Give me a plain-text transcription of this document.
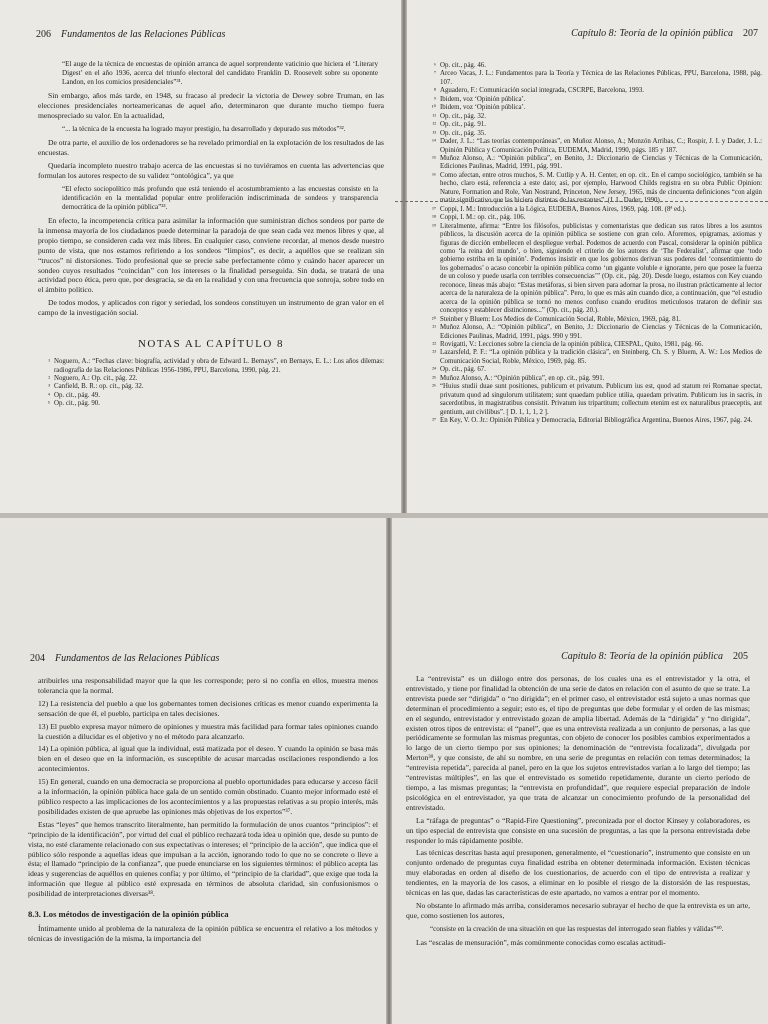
206 Fundamentos de las Relaciones Públicas

“El auge de la técnica de encuestas de opinión arranca de aquel sorprendente vaticinio que hiciera el ‘Literary Digest’ en el año 1936, acerca del triunfo electoral del candidato Franklin D. Roosevelt sobre su oponente Landon, en los comicios presidenciales”³¹.

Sin embargo, años más tarde, en 1948, su fracaso al predecir la victoria de Dewey sobre Truman, en las elecciones presidenciales norteamericanas de aquel año, determinaron que durante mucho tiempo fuera menospreciado su valor. En la actualidad,

“... la técnica de la encuesta ha logrado mayor prestigio, ha desarrollado y depurado sus métodos”³².

De otra parte, el auxilio de los ordenadores se ha revelado primordial en la explotación de los resultados de las encuestas.

Quedaría incompleto nuestro trabajo acerca de las encuestas si no tuviéramos en cuenta las advertencias que formulan los autores respecto de su validez “ontológica”, ya que

“El efecto sociopolítico más profundo que está teniendo el acostumbramiento a las encuestas consiste en la identificación en la mentalidad popular entre proliferación indiscriminada de sondeos y transparencia democrática de la opinión pública”³³.

En efecto, la incompetencia crítica para asimilar la información que suministran dichos sondeos por parte de la inmensa mayoría de los ciudadanos puede determinar la paradoja de que sean cada vez menos libres y que, al propio tiempo, se consideren cada vez más libres. En cualquier caso, conviene recordar, al menos desde nuestro punto de vista, que nos estamos refiriendo a los sondeos “limpios”, es decir, a aquéllos que se realizan sin “trucos” ni distorsiones. Todo profesional que se precie sabe perfectamente cómo y cuándo hacer aparecer un sondeo cuyos resultados “coincidan” con los intereses o la finalidad perseguida. Sin duda, se tratará de una actividad poco ética, pero que, por desgracia, se da en la realidad y con una frecuencia que sonroja, sobre todo en el ámbito político.

De todos modos, y aplicados con rigor y seriedad, los sondeos constituyen un instrumento de gran valor en el campo de la investigación social.

NOTAS AL CAPÍTULO 8
¹ Noguero, A.: “Fechas clave: biografía, actividad y obra de Edward L. Bernays”, en Bernays, E. L.: Los años dilemas: radiografía de las Relaciones Públicas 1956-1986, PPU, Barcelona, 1990, pág. 21.
² Noguero, A.: Op. cit., pág. 22.
³ Canfield, B. R.: op. cit., pág. 32.
⁴ Op. cit., pág. 49.
⁵ Op. cit., pág. 90.
Capítulo 8: Teoría de la opinión pública 207
⁶ Op. cit., pág. 46.
⁷ Arceo Vacas, J. L.: Fundamentos para la Teoría y Técnica de las Relaciones Públicas, PPU, Barcelona, 1988, pág. 107.
⁸ Aguadero, F.: Comunicación social integrada, CSCRPE, Barcelona, 1993.
⁹ Ibidem, voz ‘Opinión pública’.
¹⁰ Ibidem, voz ‘Opinión pública’.
¹¹ Op. cit., pág. 32.
¹² Op. cit., pág. 91.
¹³ Op. cit., pág. 35.
¹⁴ Dader, J. L.: “Las teorías contemporáneas”, en Muñoz Alonso, A.; Monzón Arribas, C.; Rospir, J. I. y Dader, J. L.: Opinión Pública y Comunicación Política, EUDEMA, Madrid, 1990, págs. 185 y 187.
¹⁵ Muñoz Alonso, A.: “Opinión pública”, en Benito, J.: Diccionario de Ciencias y Técnicas de la Comunicación, Ediciones Paulinas, Madrid, 1991, pág. 991.
¹⁶ Como afectan, entre otros muchos, S. M. Cutlip y A. H. Center, en op. cit.. En el campo sociológico, también se ha hecho, claro está, referencia a este dato; así, por ejemplo, Harwood Childs registra en su obra Public Opinion: Nature, Formation and Role, Van Nostrand, Princeton, New Jersey, 1965, más de cincuenta definiciones “con algún matiz significativo que las hiciera distintas de las restantes”. (J. L. Dader, 1990).
¹⁷ Coppi, I. M.: Introducción a la Lógica, EUDEBA, Buenos Aires, 1969, pág. 108. (8ª ed.).
¹⁸ Coppi, I. M.: op. cit., pág. 106.
¹⁹ Literalmente, afirma: “Entre los filósofos, publicistas y comentaristas que dedican sus ratos libres a los asuntos públicos, la discusión acerca de la opinión pública se sostiene con gran celo. Aforemos, epigramas, axiomas y figuras de dicción embellecen el despliegue verbal. Podemos de acuerdo con Pascal, considerar la opinión pública como ‘la reina del mundo’, o bien, siguiendo el criterio de los autores de ‘The Federalist’, afirmar que ‘todo gobierno estriba en la opinión’. Podemos insistir en que los gobiernos derivan sus poderes del ‘consentimiento de los gobernados’ o acaso concebir la opinión pública como ‘un gigante voluble e ignorante, pero que posee la fuerza de un coloso y puede usarla con terribles consecuencias’” (Op. cit., pág. 20). Desde luego, estamos con Key cuando reconoce, líneas más abajo: “Estas metáforas, si bien sirven para adornar la prosa, no ilustran prácticamente al lector acerca de la naturaleza de la opinión pública”. Pero, lo que es más aún cuando dice, a continuación, que “el estudio acerca de la opinión pública se tornó no menos confuso cuando eruditos meticulosos trataron de definir sus conceptos y establecer distinciones...” (Op. cit., pág. 20.).
²⁰ Steinber y Bluem: Los Medios de Comunicación Social, Roble, México, 1969, pág. 81.
²¹ Muñoz Alonso, A.: “Opinión pública”, en Benito, J.: Diccionario de Ciencias y Técnicas de la Comunicación, Ediciones Paulinas, Madrid, 1991, págs. 990 y 991.
²² Rovigatti, V.: Lecciones sobre la ciencia de la opinión pública, CIESPAL, Quito, 1981, pág. 66.
²³ Lazarsfeld, P. F.: “La opinión pública y la tradición clásica”, en Steinberg, Ch. S. y Bluem, A. W.: Los Medios de Comunicación Social, Roble, México, 1969, pág. 85.
²⁴ Op. cit., pág. 67.
²⁵ Muñoz Alonso, A.: “Opinión pública”, en op. cit., pág. 991.
²⁶ “Huius studii duae sunt positiones, publicum et privatum. Publicum ius est, quod ad statum rei Romanae spectat, privatum quod ad singulorum utilitatem; sunt quaedam publice utilia, quaedam privatim. Publicum ius in sacris, in sacerdotibus, in magistratibus consistit. Privatum ius tripartitum; collectum etenim est ex naturalibus praeceptis, aut gentium, aut civilibus”. [ D. 1, 1, 1, 2 ].
²⁷ En Key, V. O. Jr.: Opinión Pública y Democracia, Editorial Bibliográfica Argentina, Buenos Aires, 1967, pág. 24.
204 Fundamentos de las Relaciones Públicas

atribuirles una responsabilidad mayor que la que les corresponde; pero si no confía en ellos, muestra menos tolerancia que la normal.

12) La resistencia del pueblo a que los gobernantes tomen decisiones críticas es menor cuando experimenta la sensación de que él, el pueblo, participa en tales decisiones.

13) El pueblo expresa mayor número de opiniones y muestra más facilidad para formar tales opiniones cuando la cuestión a dilucidar es el objetivo y no el método para alcanzarlo.

14) La opinión pública, al igual que la individual, está matizada por el deseo. Y cuando la opinión se basa más bien en el deseo que en la información, es susceptible de acusar marcadas oscilaciones respondiendo a los acontecimientos.

15) En general, cuando en una democracia se proporciona al pueblo oportunidades para educarse y acceso fácil a la información, la opinión pública hace gala de un sentido común obstinado. Cuanto mejor informado esté el público respecto a las implicaciones de los acontecimientos y a las propuestas relativas a su propio interés, más posibilidades existen de que apruebe las opiniones más objetivas de los expertos”³⁷.

Estas “leyes” que hemos transcrito literalmente, han permitido la formulación de unos cuantos “principios”: el “principio de la identificación”, por virtud del cual el público rechazará toda idea u opinión que, desde su punto de vista, no esté claramente relacionado con sus expectativas o intereses; el “principio de la acción”, que indica que el público sólo responde a aquellas ideas que impulsan a la acción, ignorando todo lo que no se concrete o lleve a ésta; el llamado “principio de la confianza”, que puede enunciarse en los siguientes términos: el público acepta las ideas y sugerencias de aquéllos en quienes confía; y por último, el “principio de la claridad”, que exige que toda la información que llegue al público esté expresada en términos de absoluta claridad, sin confusionismos o posibilidad de interpretaciones diversas³⁸.

8.3. Los métodos de investigación de la opinión pública

Íntimamente unido al problema de la naturaleza de la opinión pública se encuentra el relativo a los métodos y técnicas de investigación de la misma, la importancia del

Capítulo 8: Teoría de la opinión pública 205

La “entrevista” es un diálogo entre dos personas, de los cuales una es el entrevistador y la otra, el entrevistado, y tiene por finalidad la obtención de una serie de datos en relación con el asunto de que se trate. La entrevista puede ser “dirigida” o “no dirigida”; en el primer caso, el entrevistador está sujeto a unas normas que determinan el procedimiento a seguir; esto es, el tipo de preguntas que debe formular y el orden de las mismas; en el segundo, entrevistador y entrevistado gozan de amplia libertad. Además de la “dirigida” y “no dirigida”, existen otros tipos de entrevista: el “panel”, que es una entrevista realizada a un conjunto de personas, a las que periódicamente se formulan las mismas preguntas, con objeto de conocer los posibles cambios experimentados a lo largo de un cierto tiempo por sus opiniones; la denominación de “entrevista focalizada”, divulgada por Merton³⁹, y que consiste, de ahí su nombre, en una serie de preguntas en relación con temas determinados; la “entrevista repetida”, parecida al panel, pero en la que los sujetos entrevistados varían a lo largo del tiempo; las “entrevistas múltiples”, en las que el entrevistado es sometido repetidamente, durante un cierto período de tiempo, a las mismas preguntas; la “entrevista en profundidad”, que requiere especial preparación de índole psicológica en el entrevistador, ya que trata de alcanzar un conocimiento profundo de la personalidad del entrevistado.

La “ráfaga de preguntas” o “Rapid-Fire Questioning”, preconizada por el doctor Kinsey y colaboradores, es un tipo especial de entrevista que consiste en una sucesión de preguntas, a las que la persona entrevistada debe responder lo más rápidamente posible.

Las técnicas descritas hasta aquí presuponen, generalmente, el “cuestionario”, instrumento que consiste en un conjunto ordenado de preguntas cuya finalidad estriba en obtener determinada información. Existen técnicas muy elaboradas en orden al diseño de los cuestionarios, de acuerdo con el tipo de entrevista a realizar y tendientes, en la mayoría de los casos, a eliminar en lo posible el riesgo de la distorsión de las respuestas, técnicas en las que, dadas las características de este apartado, no vamos a entrar por el momento.

No obstante lo afirmado más arriba, consideramos necesario subrayar el hecho de que la entrevista es un arte, que, como sostienen los autores,

“consiste en la creación de una situación en que las respuestas del interrogado sean fiables y válidas”⁴⁰.

Las “escalas de mensuración”, más comúnmente conocidas como escalas actitudi-
